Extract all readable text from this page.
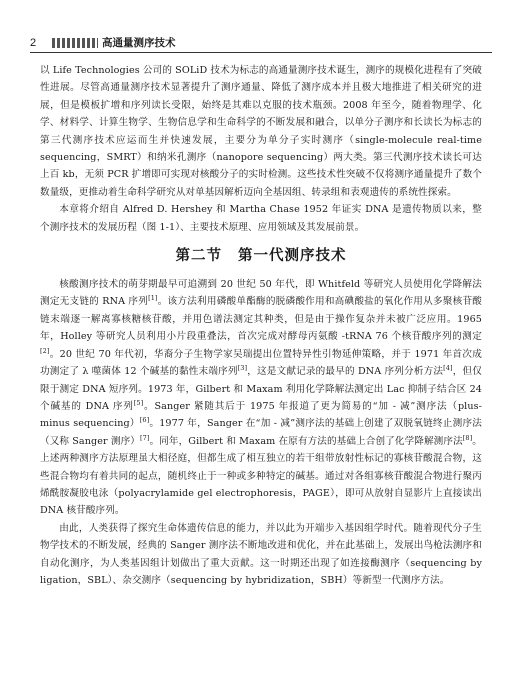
2	高通量测序技术

以 Life Technologies 公司的 SOLiD 技术为标志的高通量测序技术诞生，测序的规模化进程有了突破性进展。尽管高通量测序技术显著提升了测序通量、降低了测序成本并且极大地推进了相关研究的进展，但是模板扩增和序列读长受限，始终是其难以克服的技术瓶颈。2008 年至今，随着物理学、化学、材料学、计算生物学、生物信息学和生命科学的不断发展和融合，以单分子测序和长读长为标志的第三代测序技术应运而生并快速发展，主要分为单分子实时测序（single-molecule real-time sequencing，SMRT）和纳米孔测序（nanopore sequencing）两大类。第三代测序技术读长可达上百 kb，无须 PCR 扩增即可实现对核酸分子的实时检测。这些技术性突破不仅将测序通量提升了数个数量级，更推动着生命科学研究从对单基因解析迈向全基因组、转录组和表观遗传的系统性探索。

本章将介绍自 Alfred D. Hershey 和 Martha Chase 1952 年证实 DNA 是遗传物质以来，整个测序技术的发展历程（图 1-1）、主要技术原理、应用领域及其发展前景。

第二节 第一代测序技术

核酸测序技术的萌芽期最早可追溯到 20 世纪 50 年代，即 Whitfeld 等研究人员使用化学降解法测定无支链的 RNA 序列[1]。该方法利用磷酸单酯酶的脱磷酸作用和高碘酸盐的氧化作用从多聚核苷酸链末端逐一解离寡核糖核苷酸，并用色谱法测定其种类，但是由于操作复杂并未被广泛应用。1965 年，Holley 等研究人员利用小片段重叠法，首次完成对酵母丙氨酸 -tRNA 76 个核苷酸序列的测定[2]。20 世纪 70 年代初，华裔分子生物学家吴瑞提出位置特异性引物延伸策略，并于 1971 年首次成功测定了 λ 噬菌体 12 个碱基的黏性末端序列[3]，这是文献记录的最早的 DNA 序列分析方法[4]，但仅限于测定 DNA 短序列。1973 年，Gilbert 和 Maxam 利用化学降解法测定出 Lac 抑制子结合区 24 个碱基的 DNA 序列[5]。Sanger 紧随其后于 1975 年报道了更为简易的“加 - 减”测序法（plus-minus sequencing）[6]。1977 年，Sanger 在“加 - 减”测序法的基础上创建了双脱氧链终止测序法（又称 Sanger 测序）[7]。同年，Gilbert 和 Maxam 在原有方法的基础上合创了化学降解测序法[8]。上述两种测序方法原理虽大相径庭，但都生成了相互独立的若干组带放射性标记的寡核苷酸混合物，这些混合物均有着共同的起点，随机终止于一种或多种特定的碱基。通过对各组寡核苷酸混合物进行聚丙烯酰胺凝胶电泳（polyacrylamide gel electrophoresis，PAGE），即可从放射自显影片上直接读出 DNA 核苷酸序列。

由此，人类获得了探究生命体遗传信息的能力，并以此为开端步入基因组学时代。随着现代分子生物学技术的不断发展，经典的 Sanger 测序法不断地改进和优化，并在此基础上，发展出鸟枪法测序和自动化测序，为人类基因组计划做出了重大贡献。这一时期还出现了如连接酶测序（sequencing by ligation，SBL）、杂交测序（sequencing by hybridization，SBH）等新型一代测序方法。
